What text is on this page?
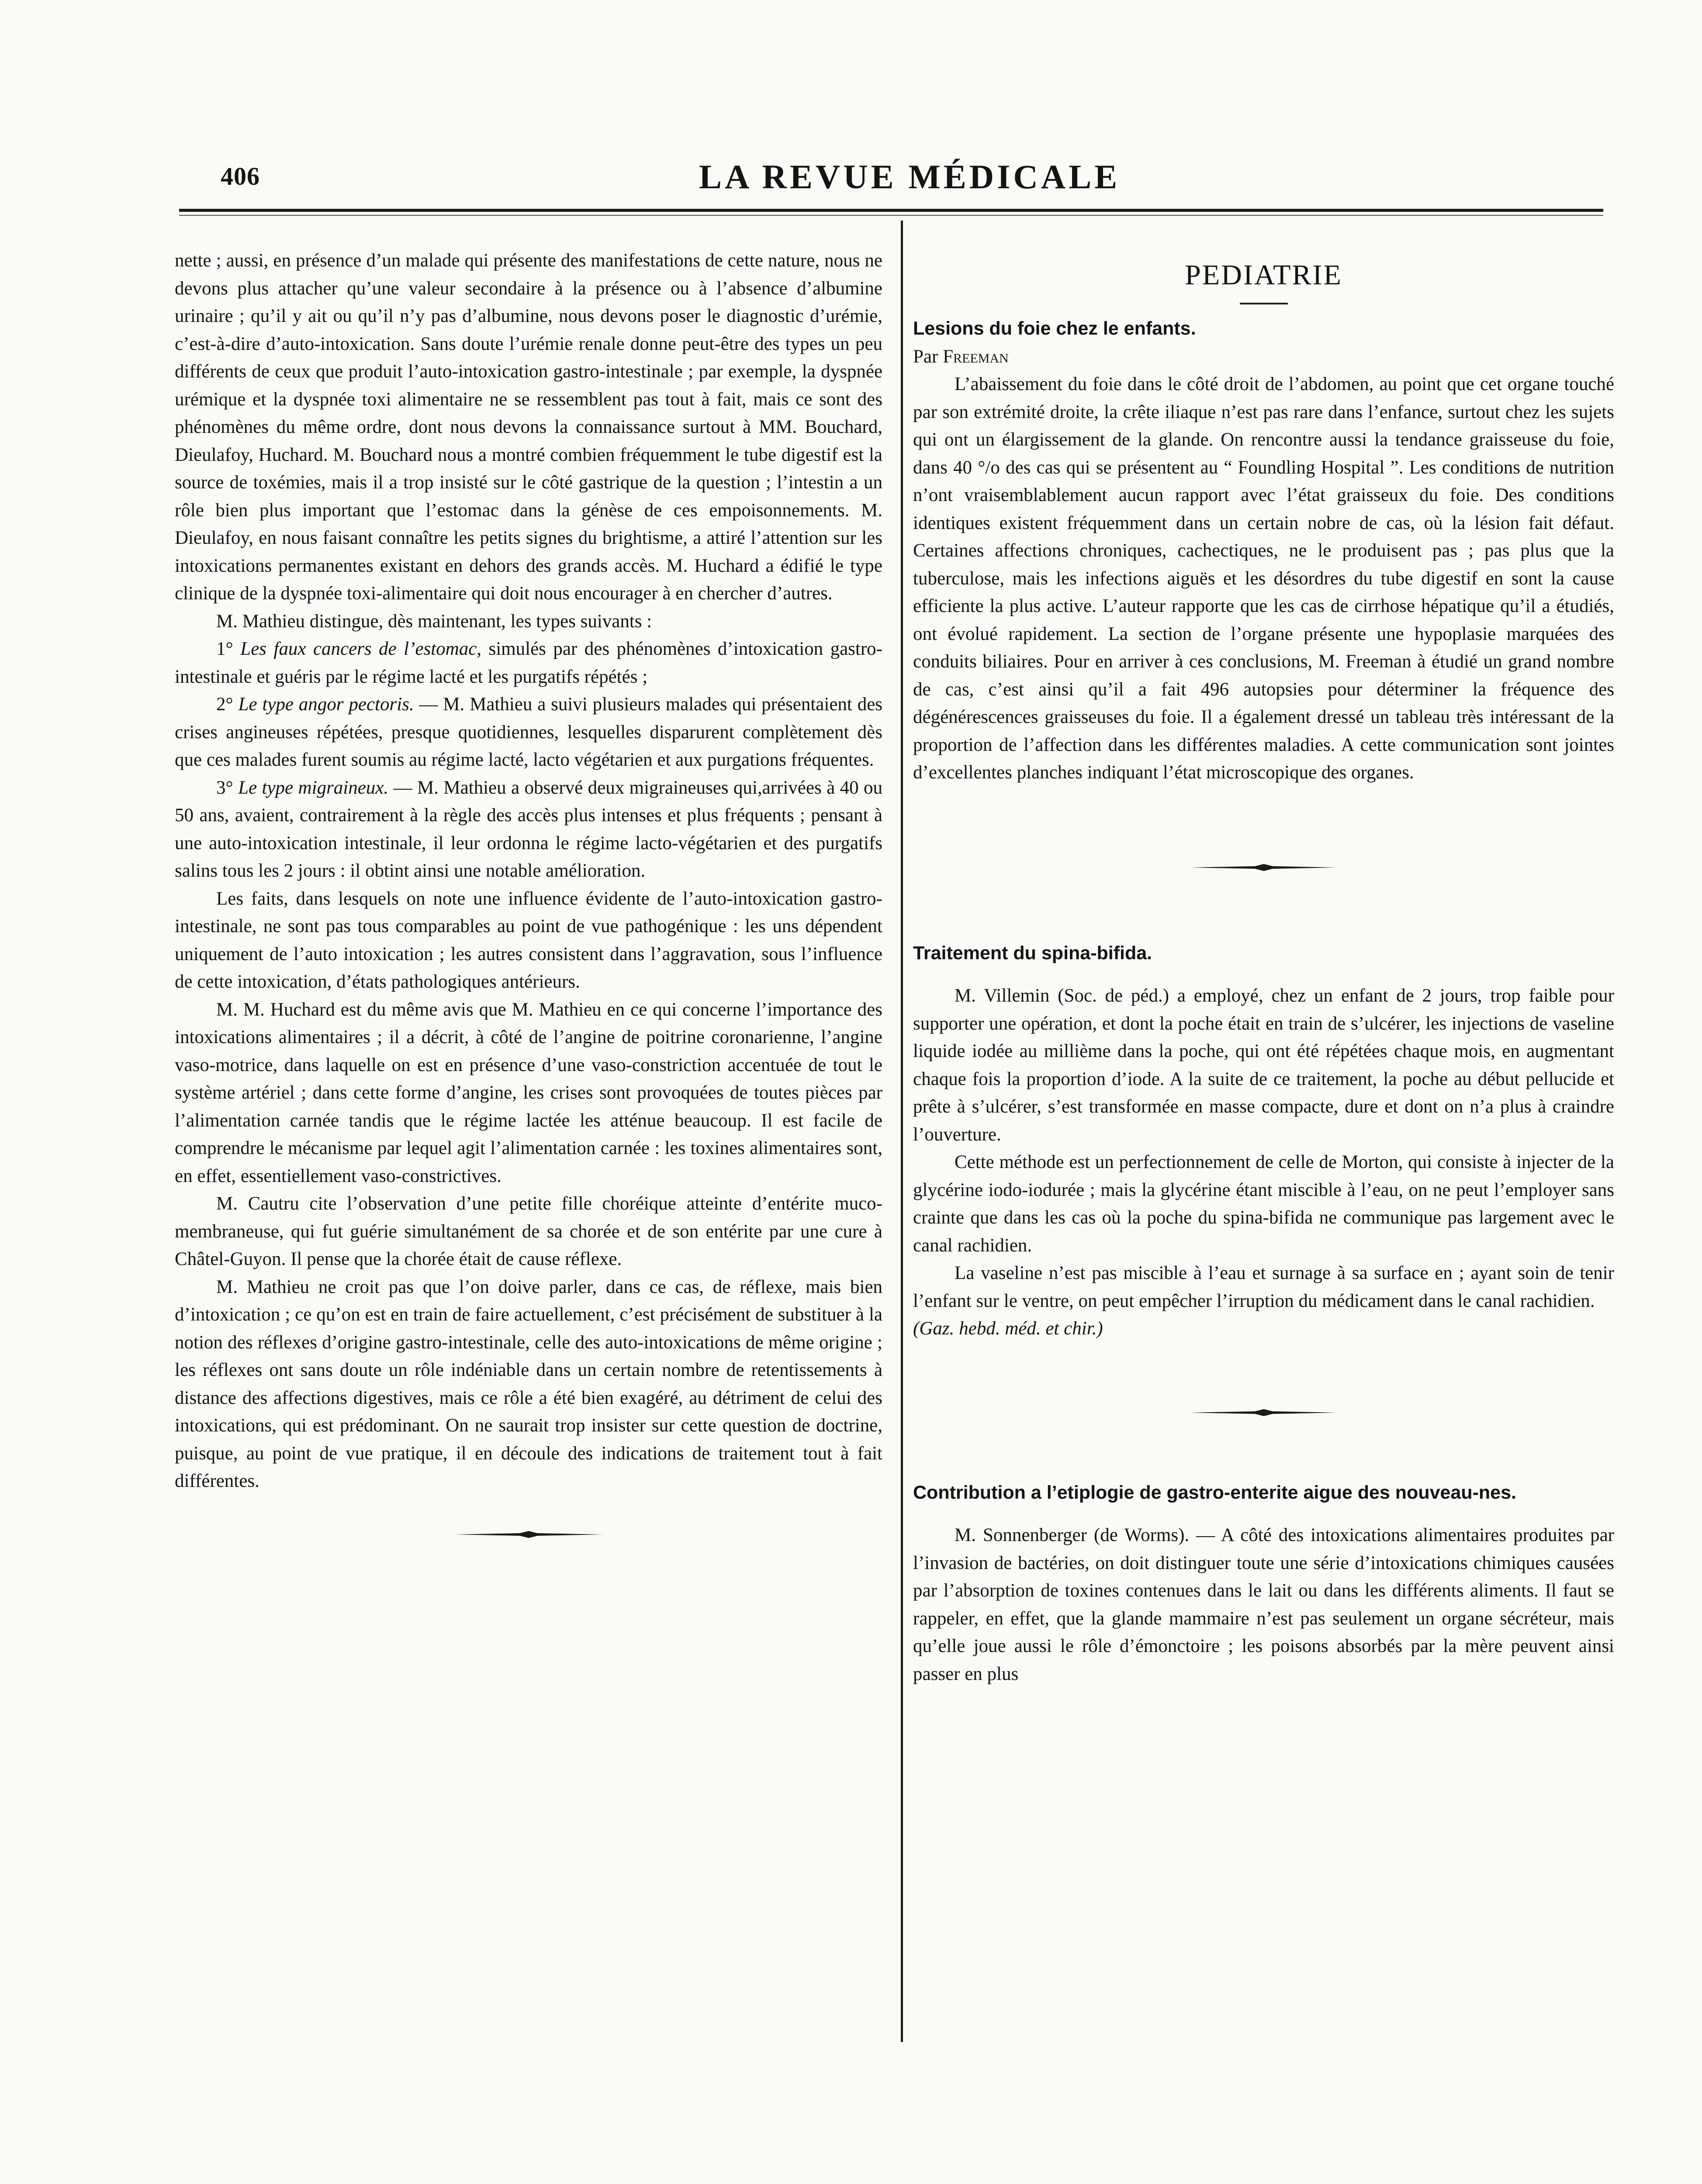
406	LA REVUE MÉDICALE

nette ; aussi, en présence d’un malade qui présente des manifestations de cette nature, nous ne devons plus attacher qu’une valeur secondaire à la présence ou à l’absence d’albumine urinaire ; qu’il y ait ou qu’il n’y pas d’albumine, nous devons poser le diagnostic d’urémie, c’est-à-dire d’auto-intoxication. Sans doute l’urémie renale donne peut-être des types un peu différents de ceux que produit l’auto-intoxication gastro-intestinale ; par exemple, la dyspnée urémique et la dyspnée toxi alimentaire ne se ressemblent pas tout à fait, mais ce sont des phénomènes du même ordre, dont nous devons la connaissance surtout à MM. Bouchard, Dieulafoy, Huchard. M. Bouchard nous a montré combien fréquemment le tube digestif est la source de toxémies, mais il a trop insisté sur le côté gastrique de la question ; l’intestin a un rôle bien plus important que l’estomac dans la génèse de ces empoisonnements. M. Dieulafoy, en nous faisant connaître les petits signes du brightisme, a attiré l’attention sur les intoxications permanentes existant en dehors des grands accès. M. Huchard a édifié le type clinique de la dyspnée toxi-alimentaire qui doit nous encourager à en chercher d’autres.

M. Mathieu distingue, dès maintenant, les types suivants :

1° Les faux cancers de l’estomac, simulés par des phénomènes d’intoxication gastro-intestinale et guéris par le régime lacté et les purgatifs répétés ;

2° Le type angor pectoris. — M. Mathieu a suivi plusieurs malades qui présentaient des crises angineuses répétées, presque quotidiennes, lesquelles disparurent complètement dès que ces malades furent soumis au régime lacté, lacto végétarien et aux purgations fréquentes.

3° Le type migraineux. — M. Mathieu a observé deux migraineuses qui,arrivées à 40 ou 50 ans, avaient, contrairement à la règle des accès plus intenses et plus fréquents ; pensant à une auto-intoxication intestinale, il leur ordonna le régime lacto-végétarien et des purgatifs salins tous les 2 jours : il obtint ainsi une notable amélioration.

Les faits, dans lesquels on note une influence évidente de l’auto-intoxication gastro-intestinale, ne sont pas tous comparables au point de vue pathogénique : les uns dépendent uniquement de l’auto intoxication ; les autres consistent dans l’aggravation, sous l’influence de cette intoxication, d’états pathologiques antérieurs.

M. M. Huchard est du même avis que M. Mathieu en ce qui concerne l’importance des intoxications alimentaires ; il a décrit, à côté de l’angine de poitrine coronarienne, l’angine vaso-motrice, dans laquelle on est en présence d’une vaso-constriction accentuée de tout le système artériel ; dans cette forme d’angine, les crises sont provoquées de toutes pièces par l’alimentation carnée tandis que le régime lactée les atténue beaucoup. Il est facile de comprendre le mécanisme par lequel agit l’alimentation carnée : les toxines alimentaires sont, en effet, essentiellement vaso-constrictives.

M. Cautru cite l’observation d’une petite fille choréique atteinte d’entérite muco-membraneuse, qui fut guérie simultanément de sa chorée et de son entérite par une cure à Châtel-Guyon. Il pense que la chorée était de cause réflexe.

M. Mathieu ne croit pas que l’on doive parler, dans ce cas, de réflexe, mais bien d’intoxication ; ce qu’on est en train de faire actuellement, c’est précisément de substituer à la notion des réflexes d’origine gastro-intestinale, celle des auto-intoxications de même origine ; les réflexes ont sans doute un rôle indéniable dans un certain nombre de retentissements à distance des affections digestives, mais ce rôle a été bien exagéré, au détriment de celui des intoxications, qui est prédominant. On ne saurait trop insister sur cette question de doctrine, puisque, au point de vue pratique, il en découle des indications de traitement tout à fait différentes.

PEDIATRIE

Lesions du foie chez le enfants.

Par Freeman

L’abaissement du foie dans le côté droit de l’abdomen, au point que cet organe touché par son extrémité droite, la crête iliaque n’est pas rare dans l’enfance, surtout chez les sujets qui ont un élargissement de la glande. On rencontre aussi la tendance graisseuse du foie, dans 40 °/o des cas qui se présentent au “ Foundling Hospital ”. Les conditions de nutrition n’ont vraisemblablement aucun rapport avec l’état graisseux du foie. Des conditions identiques existent fréquemment dans un certain nobre de cas, où la lésion fait défaut. Certaines affections chroniques, cachectiques, ne le produisent pas ; pas plus que la tuberculose, mais les infections aiguës et les désordres du tube digestif en sont la cause efficiente la plus active. L’auteur rapporte que les cas de cirrhose hépatique qu’il a étudiés, ont évolué rapidement. La section de l’organe présente une hypoplasie marquées des conduits biliaires. Pour en arriver à ces conclusions, M. Freeman à étudié un grand nombre de cas, c’est ainsi qu’il a fait 496 autopsies pour déterminer la fréquence des dégénérescences graisseuses du foie. Il a également dressé un tableau très intéressant de la proportion de l’affection dans les différentes maladies. A cette communication sont jointes d’excellentes planches indiquant l’état microscopique des organes.

Traitement du spina-bifida.

M. Villemin (Soc. de péd.) a employé, chez un enfant de 2 jours, trop faible pour supporter une opération, et dont la poche était en train de s’ulcérer, les injections de vaseline liquide iodée au millième dans la poche, qui ont été répétées chaque mois, en augmentant chaque fois la proportion d’iode. A la suite de ce traitement, la poche au début pellucide et prête à s’ulcérer, s’est transformée en masse compacte, dure et dont on n’a plus à craindre l’ouverture.

Cette méthode est un perfectionnement de celle de Morton, qui consiste à injecter de la glycérine iodo-iodurée ; mais la glycérine étant miscible à l’eau, on ne peut l’employer sans crainte que dans les cas où la poche du spina-bifida ne communique pas largement avec le canal rachidien.

La vaseline n’est pas miscible à l’eau et surnage à sa surface en ; ayant soin de tenir l’enfant sur le ventre, on peut empêcher l’irruption du médicament dans le canal rachidien.

(Gaz. hebd. méd. et chir.)

Contribution a l’etiplogie de gastro-enterite aigue des nouveau-nes.

M. Sonnenberger (de Worms). — A côté des intoxications alimentaires produites par l’invasion de bactéries, on doit distinguer toute une série d’intoxications chimiques causées par l’absorption de toxines contenues dans le lait ou dans les différents aliments. Il faut se rappeler, en effet, que la glande mammaire n’est pas seulement un organe sécréteur, mais qu’elle joue aussi le rôle d’émonctoire ; les poisons absorbés par la mère peuvent ainsi passer en plus
